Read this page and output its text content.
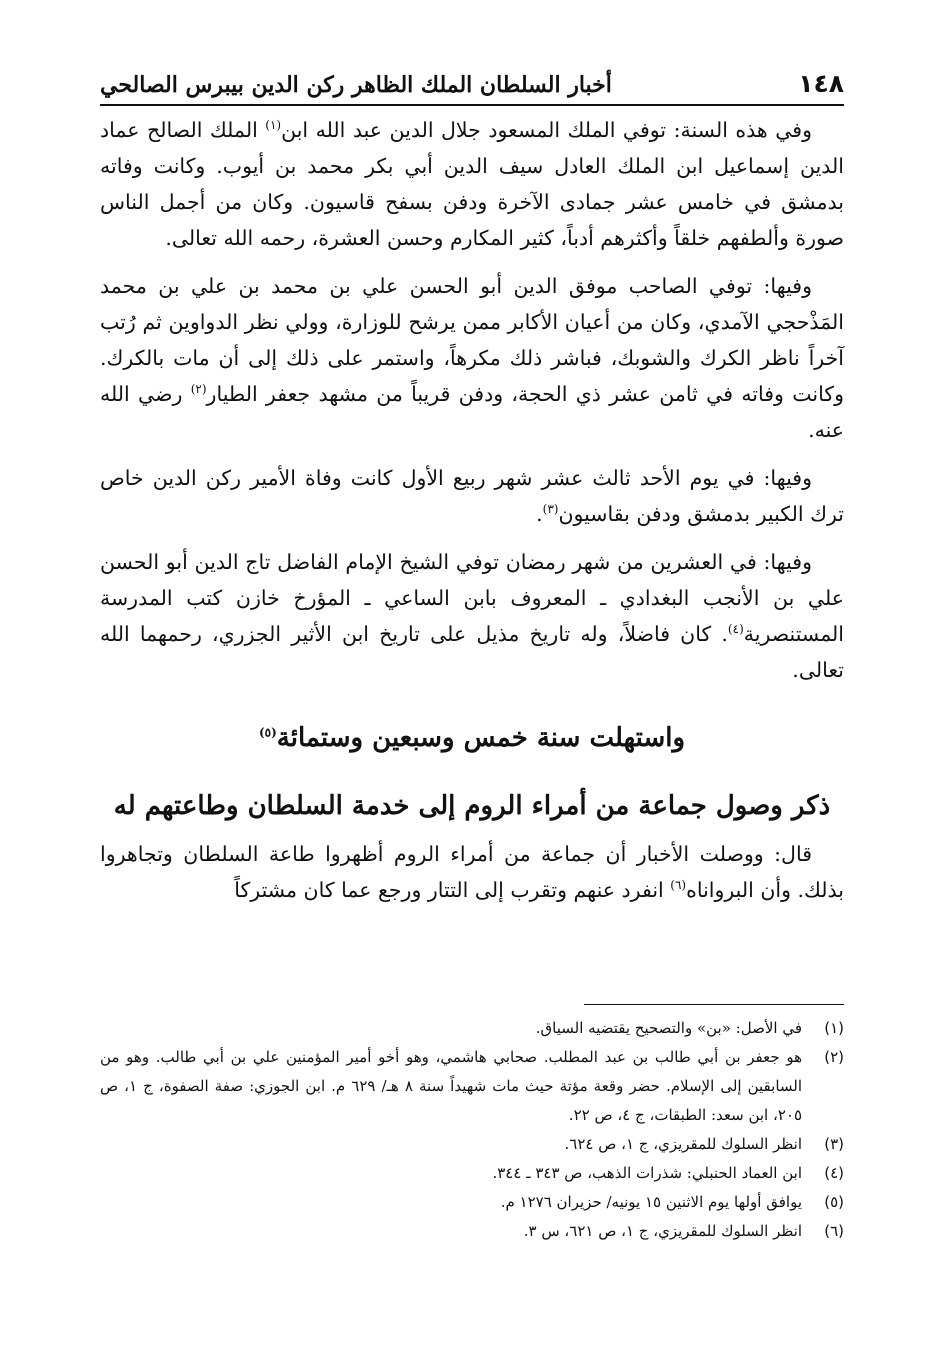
١٤٨
أخبار السلطان الملك الظاهر ركن الدين بيبرس الصالحي

وفي هذه السنة: توفي الملك المسعود جلال الدين عبد الله ابن$^{(١)}$ الملك الصالح عماد الدين إسماعيل ابن الملك العادل سيف الدين أبي بكر محمد بن أيوب. وكانت وفاته بدمشق في خامس عشر جمادى الآخرة ودفن بسفح قاسيون. وكان من أجمل الناس صورة وألطفهم خلقاً وأكثرهم أدباً، كثير المكارم وحسن العشرة، رحمه الله تعالى.

وفيها: توفي الصاحب موفق الدين أبو الحسن علي بن محمد بن علي بن محمد المَذْحجي الآمدي، وكان من أعيان الأكابر ممن يرشح للوزارة، وولي نظر الدواوين ثم رُتب آخراً ناظر الكرك والشوبك، فباشر ذلك مكرهاً، واستمر على ذلك إلى أن مات بالكرك. وكانت وفاته في ثامن عشر ذي الحجة، ودفن قريباً من مشهد جعفر الطيار$^{(٢)}$ رضي الله عنه.

وفيها: في يوم الأحد ثالث عشر شهر ربيع الأول كانت وفاة الأمير ركن الدين خاص ترك الكبير بدمشق ودفن بقاسيون$^{(٣)}$.

وفيها: في العشرين من شهر رمضان توفي الشيخ الإمام الفاضل تاج الدين أبو الحسن علي بن الأنجب البغدادي ـ المعروف بابن الساعي ـ المؤرخ خازن كتب المدرسة المستنصرية$^{(٤)}$. كان فاضلاً، وله تاريخ مذيل على تاريخ ابن الأثير الجزري، رحمهما الله تعالى.

واستهلت سنة خمس وسبعين وستمائة$^{(٥)}$
ذكر وصول جماعة من أمراء الروم إلى خدمة السلطان وطاعتهم له

قال: ووصلت الأخبار أن جماعة من أمراء الروم أظهروا طاعة السلطان وتجاهروا بذلك. وأن البرواناه$^{(٦)}$ انفرد عنهم وتقرب إلى التتار ورجع عما كان مشتركاً

(١)
في الأصل: «بن» والتصحيح يقتضيه السياق.
(٢)
هو جعفر بن أبي طالب بن عبد المطلب. صحابي هاشمي، وهو أخو أمير المؤمنين علي بن أبي طالب. وهو من السابقين إلى الإسلام. حضر وقعة مؤتة حيث مات شهيداً سنة ٨ هـ/ ٦٢٩ م. ابن الجوزي: صفة الصفوة، ج ١، ص ٢٠٥، ابن سعد: الطبقات، ج ٤، ص ٢٢.
(٣)
انظر السلوك للمقريزي، ج ١، ص ٦٢٤.
(٤)
ابن العماد الحنبلي: شذرات الذهب، ص ٣٤٣ ـ ٣٤٤.
(٥)
يوافق أولها يوم الاثنين ١٥ يونيه/ حزيران ١٢٧٦ م.
(٦)
انظر السلوك للمقريزي، ج ١، ص ٦٢١، س ٣.
